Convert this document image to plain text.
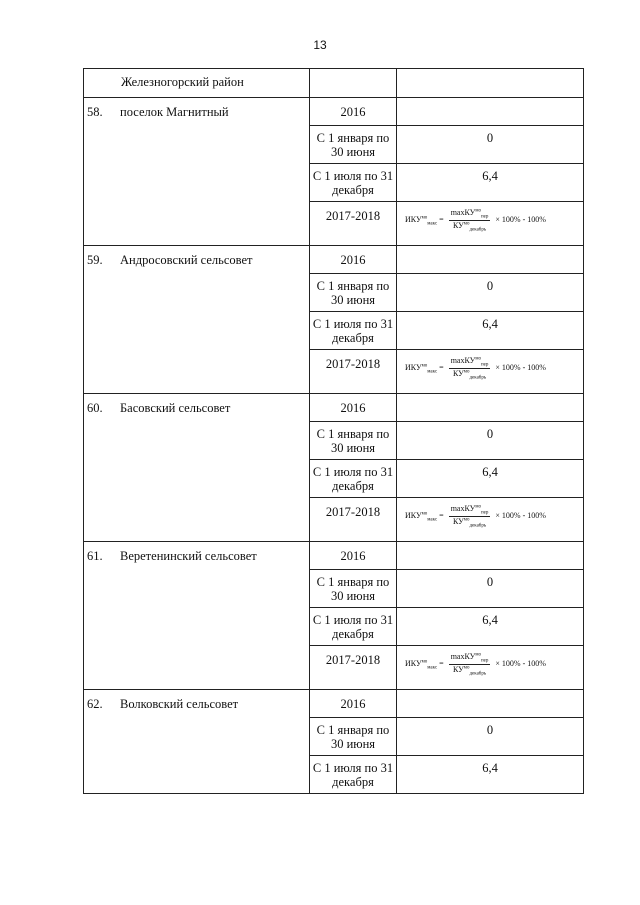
13
Железногорский район		
58. поселок Магнитный	2016	
	С 1 января по 30 июня	0
	С 1 июля по 31 декабря	6,4
	2017-2018	$ИКУ^{мо}_{макс} = \frac{\max КУ^{мо}_{пер}}{КУ^{мо}_{декабрь}} \times 100\% - 100\%$
59. Андросовский сельсовет	2016	
	С 1 января по 30 июня	0
	С 1 июля по 31 декабря	6,4
	2017-2018	$ИКУ^{мо}_{макс} = \frac{\max КУ^{мо}_{пер}}{КУ^{мо}_{декабрь}} \times 100\% - 100\%$
60. Басовский сельсовет	2016	
	С 1 января по 30 июня	0
	С 1 июля по 31 декабря	6,4
	2017-2018	$ИКУ^{мо}_{макс} = \frac{\max КУ^{мо}_{пер}}{КУ^{мо}_{декабрь}} \times 100\% - 100\%$
61. Веретенинский сельсовет	2016	
	С 1 января по 30 июня	0
	С 1 июля по 31 декабря	6,4
	2017-2018	$ИКУ^{мо}_{макс} = \frac{\max КУ^{мо}_{пер}}{КУ^{мо}_{декабрь}} \times 100\% - 100\%$
62. Волковский сельсовет	2016	
	С 1 января по 30 июня	0
	С 1 июля по 31 декабря	6,4
